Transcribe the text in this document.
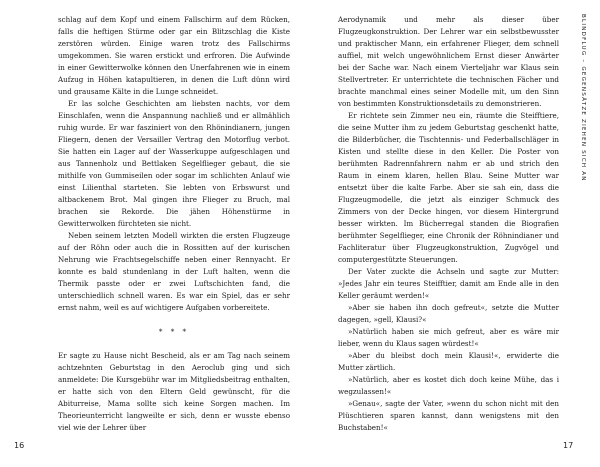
schlag auf dem Kopf und einem Fallschirm auf dem Rücken, falls die heftigen Stürme oder gar ein Blitzschlag die Kiste zerstören würden. Einige waren trotz des Fallschirms umgekommen. Sie waren erstickt und erfroren. Die Aufwinde in einer Gewitterwolke können den Unerfahrenen wie in einem Aufzug in Höhen katapultieren, in denen die Luft dünn wird und grausame Kälte in die Lunge schneidet.

Er las solche Geschichten am liebsten nachts, vor dem Einschlafen, wenn die Anspannung nachließ und er allmählich ruhig wurde. Er war fasziniert von den Rhönindianern, jungen Fliegern, denen der Versailler Vertrag den Motorflug verbot. Sie hatten ein Lager auf der Wasserkuppe aufgeschlagen und aus Tannenholz und Bettlaken Segelflieger gebaut, die sie mithilfe von Gummiseilen oder sogar im schlichten Anlauf wie einst Lilienthal starteten. Sie lebten von Erbswurst und altbackenem Brot. Mal gingen ihre Flieger zu Bruch, mal brachen sie Rekorde. Die jähen Höhenstürme in Gewitterwolken fürchteten sie nicht.

Neben seinem letzten Modell wirkten die ersten Flugzeuge auf der Röhn oder auch die in Rossitten auf der kurischen Nehrung wie Frachtsegelschiffe neben einer Rennyacht. Er konnte es bald stundenlang in der Luft halten, wenn die Thermik passte oder er zwei Luftschichten fand, die unterschiedlich schnell waren. Es war ein Spiel, das er sehr ernst nahm, weil es auf wichtigere Aufgaben vorbereitete.

* * *

Er sagte zu Hause nicht Bescheid, als er am Tag nach seinem achtzehnten Geburtstag in den Aeroclub ging und sich anmeldete: Die Kursgebühr war im Mitgliedsbeitrag enthalten, er hatte sich von den Eltern Geld gewünscht, für die Abiturreise, Mama sollte sich keine Sorgen machen. Im Theorieunterricht langweilte er sich, denn er wusste ebenso viel wie der Lehrer über

Aerodynamik und mehr als dieser über Flugzeugkonstruktion. Der Lehrer war ein selbstbewusster und praktischer Mann, ein erfahrener Flieger, dem schnell auffiel, mit welch ungewöhnlichem Ernst dieser Anwärter bei der Sache war. Nach einem Vierteljahr war Klaus sein Stellvertreter. Er unterrichtete die technischen Fächer und brachte manchmal eines seiner Modelle mit, um den Sinn von bestimmten Konstruktionsdetails zu demonstrieren.

Er richtete sein Zimmer neu ein, räumte die Steifftiere, die seine Mutter ihm zu jedem Geburtstag geschenkt hatte, die Bilderbücher, die Tischtennis- und Federballschläger in Kisten und stellte diese in den Keller. Die Poster von berühmten Radrennfahrern nahm er ab und strich den Raum in einem klaren, hellen Blau. Seine Mutter war entsetzt über die kalte Farbe. Aber sie sah ein, dass die Flugzeugmodelle, die jetzt als einziger Schmuck des Zimmers von der Decke hingen, vor diesem Hintergrund besser wirkten. Im Bücherregal standen die Biografien berühmter Segelflieger, eine Chronik der Röhnindianer und Fachliteratur über Flugzeugkonstruktion, Zugvögel und computergestützte Steuerungen.

Der Vater zuckte die Achseln und sagte zur Mutter: »Jedes Jahr ein teures Steifftier, damit am Ende alle in den Keller geräumt werden!«

»Aber sie haben ihn doch gefreut«, setzte die Mutter dagegen, »gell, Klausi?«

»Natürlich haben sie mich gefreut, aber es wäre mir lieber, wenn du Klaus sagen würdest!«

»Aber du bleibst doch mein Klausi!«, erwiderte die Mutter zärtlich.

»Natürlich, aber es kostet dich doch keine Mühe, das i wegzulassen!«

»Genau«, sagte der Vater, »wenn du schon nicht mit den Plüschtieren sparen kannst, dann wenigstens mit den Buchstaben!«

BLINDFLUG – GEGENSÄTZE ZIEHEN SICH AN
16	17
